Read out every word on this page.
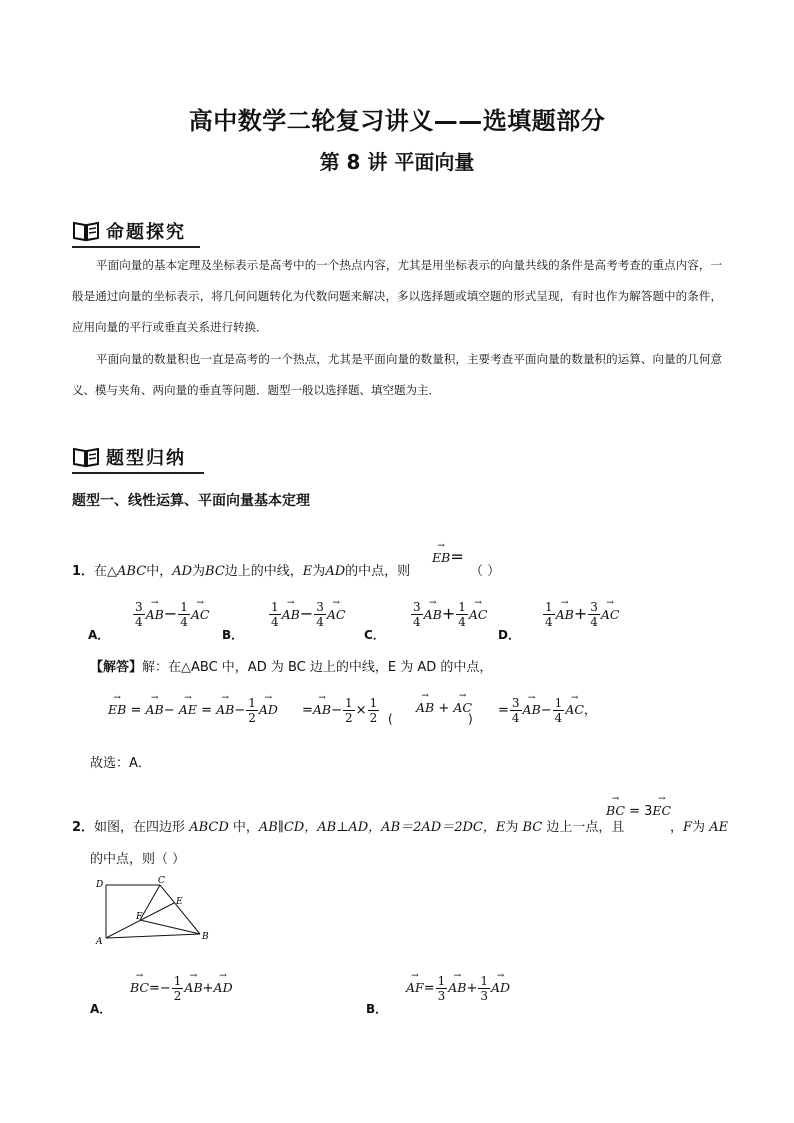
高中数学二轮复习讲义——选填题部分
第 8 讲 平面向量
命题探究
平面向量的基本定理及坐标表示是高考中的一个热点内容，尤其是用坐标表示的向量共线的条件是高考考查的重点内容，一般是通过向量的坐标表示，将几何问题转化为代数问题来解决，多以选择题或填空题的形式呈现，有时也作为解答题中的条件，应用向量的平行或垂直关系进行转换．
平面向量的数量积也一直是高考的一个热点，尤其是平面向量的数量积，主要考查平面向量的数量积的运算、向量的几何意义、模与夹角、两向量的垂直等问题．题型一般以选择题、填空题为主．
题型归纳
题型一、线性运算、平面向量基本定理
1．在△ABC中，AD为BC边上的中线，E为AD的中点，则
→ EB=
（ ）
A．
$\frac{3}{4}$
→ $AB- \frac{1}{4}$
→ AC
B．
$\frac{1}{4}$
→ $AB- \frac{3}{4}$
→ AC
C．
$\frac{3}{4}$
→ $AB+ \frac{1}{4}$
→ AC
D．
$\frac{1}{4}$
→ $AB+ \frac{3}{4}$
→ AC
【解答】解：在△ABC 中，AD 为 BC 边上的中线，E 为 AD 的中点，
→ EB = → AB− → AE = → $AB- \frac{1}{2}$
→ AD =→ $AB- \frac{1}{2} \times \frac{1}{2}$ (
→ AB + → AC
)
= $\frac{3}{4}$
→ $AB- \frac{1}{4}$
→ AC，
故选：A．
2．如图，在四边形 ABCD 中，AB∥CD，AB⊥AD，AB＝2AD＝2DC，E为 BC 边上一点，且
→ BC = 3→ EC
，F为 AE
的中点，则（ ）
D	C
E
F
A	B
A．
→ $BC=- \frac{1}{2}$
→ AB+→ AD
B．
→ $AF= \frac{1}{3}$
→ $AB+ \frac{1}{3}$
→ AD
